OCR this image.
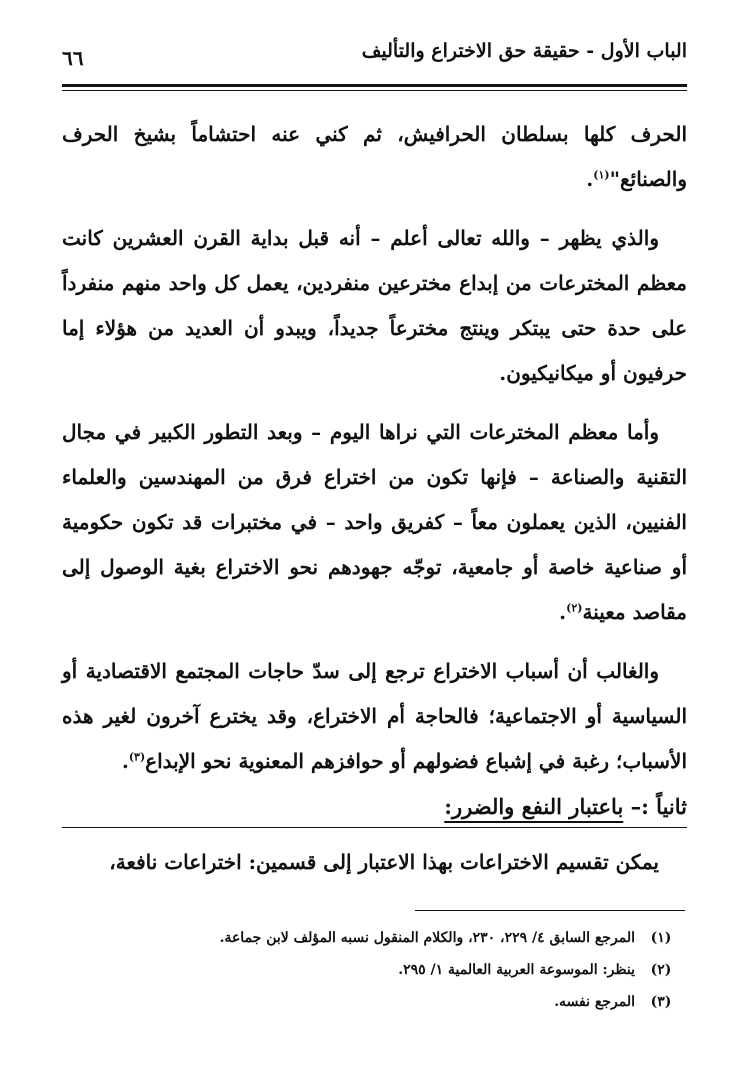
الباب الأول - حقيقة حق الاختراع والتأليف
٦٦

الحرف كلها بسلطان الحرافيش، ثم كني عنه احتشاماً بشيخ الحرف والصنائع"$^{(١)}$.

والذي يظهر – والله تعالى أعلم – أنه قبل بداية القرن العشرين كانت معظم المخترعات من إبداع مخترعين منفردين، يعمل كل واحد منهم منفرداً على حدة حتى يبتكر وينتج مخترعاً جديداً، ويبدو أن العديد من هؤلاء إما حرفيون أو ميكانيكيون.

وأما معظم المخترعات التي نراها اليوم – وبعد التطور الكبير في مجال التقنية والصناعة – فإنها تكون من اختراع فرق من المهندسين والعلماء الفنيين، الذين يعملون معاً – كفريق واحد – في مختبرات قد تكون حكومية أو صناعية خاصة أو جامعية، توجّه جهودهم نحو الاختراع بغية الوصول إلى مقاصد معينة$^{(٢)}$.

والغالب أن أسباب الاختراع ترجع إلى سدّ حاجات المجتمع الاقتصادية أو السياسية أو الاجتماعية؛ فالحاجة أم الاختراع، وقد يخترع آخرون لغير هذه الأسباب؛ رغبة في إشباع فضولهم أو حوافزهم المعنوية نحو الإبداع$^{(٣)}$.

ثانياً :– باعتبار النفع والضرر:

يمكن تقسيم الاختراعات بهذا الاعتبار إلى قسمين: اختراعات نافعة،

(١)المرجع السابق ٤/ ٢٢٩، ٢٣٠، والكلام المنقول نسبه المؤلف لابن جماعة.
(٢)ينظر: الموسوعة العربية العالمية ١/ ٢٩٥.
(٣)المرجع نفسه.
